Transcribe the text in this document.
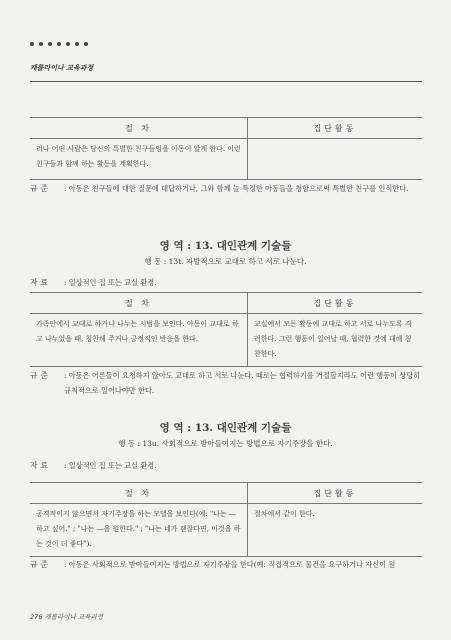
캐롤라이나 교육과정
절 차	집단활동
러나 어떤 사람은 당신의 특별한 친구들임을 아동이 알게 한다. 이런 친구들과 함께 하는 활동을 계획한다.	
규 준	: 아동은 친구들에 대한 질문에 대답하거나, 그와 함께 늘 특정한 아동들을 청함으로써 특별한 친구를 인식한다.
영 역 : 13. 대인관계 기술들
행 동 : 13t. 자발적으로 교대로 하고 서로 나눈다.
자 료	: 일상적인 집 또는 교실 환경.
절 차	집단활동
가족안에서 교대로 하거나 나누는 시범을 보인다. 아동이 교대로 하고 나누었을 때, 칭찬해 주거나 긍정적인 반응을 한다.	교실에서 모든 활동에 교대로 하고 서로 나누도록 격려한다. 그런 행동이 일어날 때, 협력한 것에 대해 칭찬한다.
규 준	: 아동은 어른들이 요청하지 않아도 교대로 하고 서로 나눈다. 때로는 협력하기를 거절할지라도 이런 행동이 상당히 규칙적으로 일어나야만 한다.
영 역 : 13. 대인관계 기술들
행 동 : 13u. 사회적으로 받아들여지는 방법으로 자기주장을 한다.
자 료	: 일상적인 집 또는 교실 환경.
절 차	집단활동
공격적이지 않으면서 자기주장을 하는 모델을 보인다(예: "나는 ―하고 싶어." ; "나는 ―을 원한다." ; "나는 네가 괜찮다면, 이것을 하는 것이 더 좋다").	절차에서 같이 한다.
규 준	: 아동은 사회적으로 받아들여지는 방법으로 자기주장을 한다(예: 직접적으로 물건을 요구하거나 자신이 원
276 캐롤라이나 교육과정
